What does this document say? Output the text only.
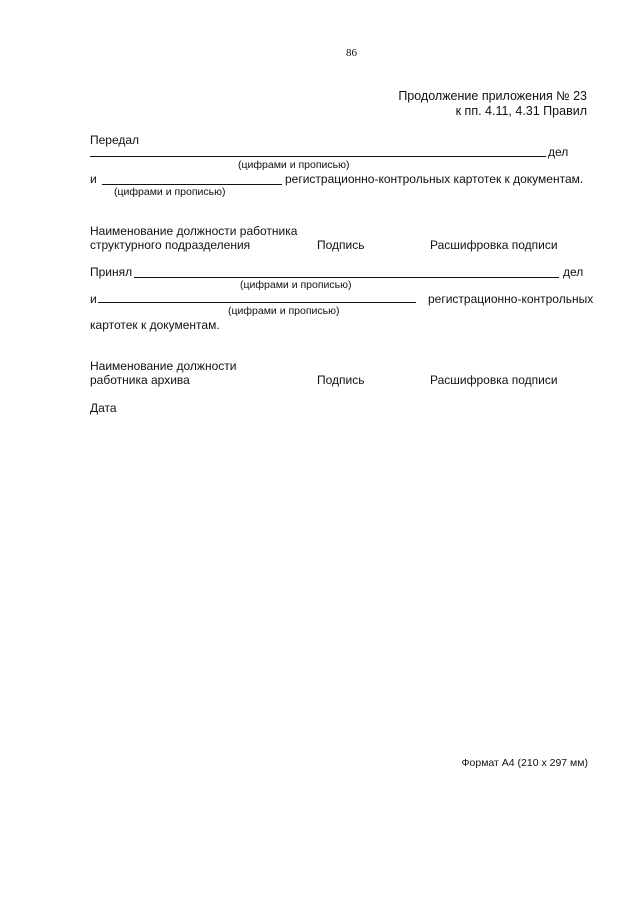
86
Продолжение приложения № 23
к пп. 4.11, 4.31 Правил
Передал
дел
(цифрами и прописью)
и	регистрационно-контрольных картотек к документам.
(цифрами и прописью)
Наименование должности работника
структурного подразделения	Подпись	Расшифровка подписи
Принял	дел
(цифрами и прописью)
и	регистрационно-контрольных
(цифрами и прописью)
картотек к документам.
Наименование должности
работника архива	Подпись	Расшифровка подписи
Дата
Формат А4 (210 х 297 мм)
